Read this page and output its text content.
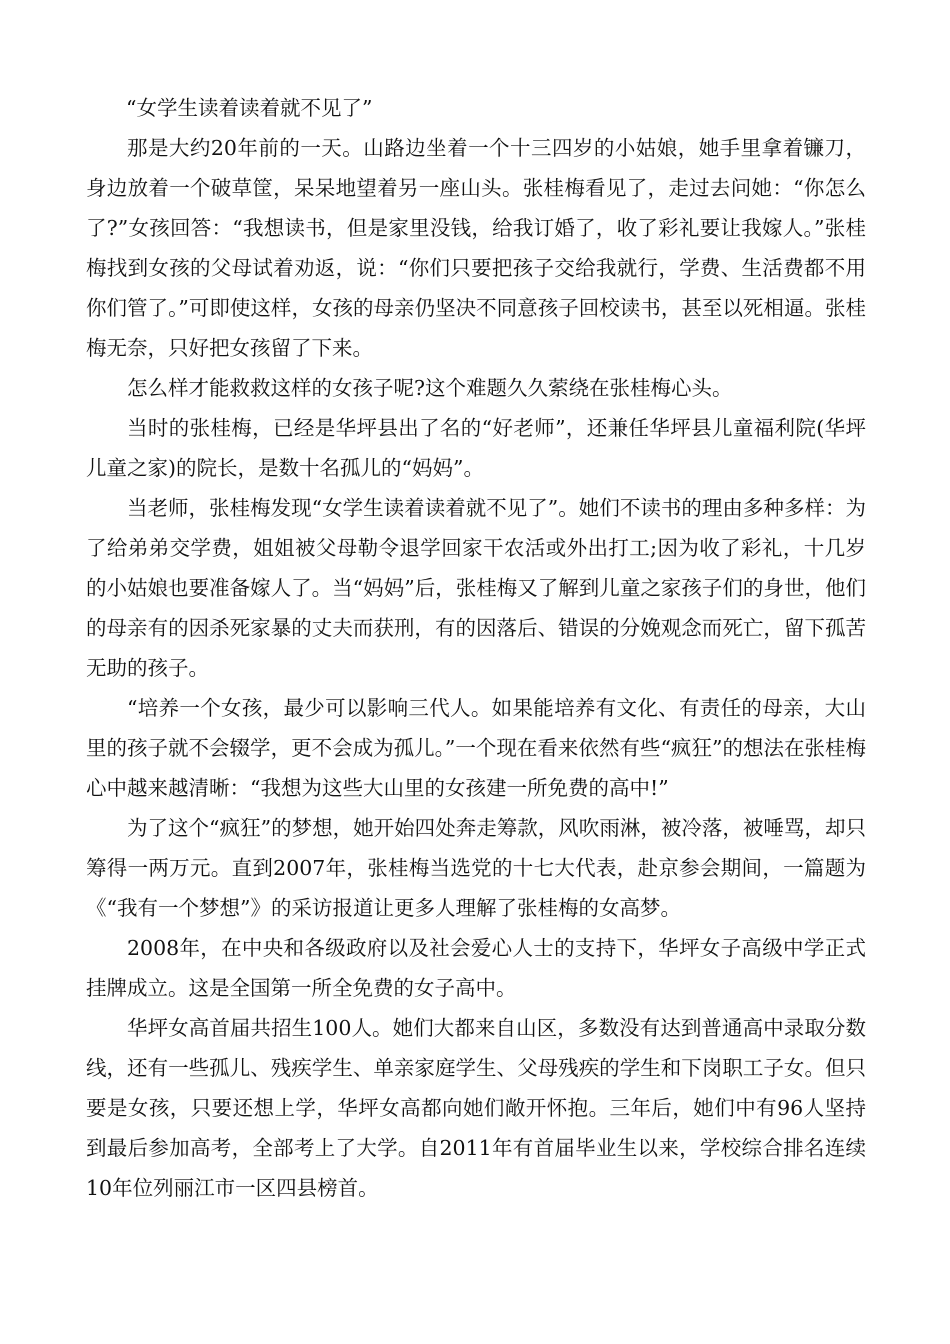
“女学生读着读着就不见了”

那是大约20年前的一天。山路边坐着一个十三四岁的小姑娘，她手里拿着镰刀，身边放着一个破草筐，呆呆地望着另一座山头。张桂梅看见了，走过去问她：“你怎么了?”女孩回答：“我想读书，但是家里没钱，给我订婚了，收了彩礼要让我嫁人。”张桂梅找到女孩的父母试着劝返，说：“你们只要把孩子交给我就行，学费、生活费都不用你们管了。”可即使这样，女孩的母亲仍坚决不同意孩子回校读书，甚至以死相逼。张桂梅无奈，只好把女孩留了下来。

怎么样才能救救这样的女孩子呢?这个难题久久萦绕在张桂梅心头。

当时的张桂梅，已经是华坪县出了名的“好老师”，还兼任华坪县儿童福利院(华坪儿童之家)的院长，是数十名孤儿的“妈妈”。

当老师，张桂梅发现“女学生读着读着就不见了”。她们不读书的理由多种多样：为了给弟弟交学费，姐姐被父母勒令退学回家干农活或外出打工;因为收了彩礼，十几岁的小姑娘也要准备嫁人了。当“妈妈”后，张桂梅又了解到儿童之家孩子们的身世，他们的母亲有的因杀死家暴的丈夫而获刑，有的因落后、错误的分娩观念而死亡，留下孤苦无助的孩子。

“培养一个女孩，最少可以影响三代人。如果能培养有文化、有责任的母亲，大山里的孩子就不会辍学，更不会成为孤儿。”一个现在看来依然有些“疯狂”的想法在张桂梅心中越来越清晰：“我想为这些大山里的女孩建一所免费的高中!”

为了这个“疯狂”的梦想，她开始四处奔走筹款，风吹雨淋，被冷落，被唾骂，却只筹得一两万元。直到2007年，张桂梅当选党的十七大代表，赴京参会期间，一篇题为《“我有一个梦想”》的采访报道让更多人理解了张桂梅的女高梦。

2008年，在中央和各级政府以及社会爱心人士的支持下，华坪女子高级中学正式挂牌成立。这是全国第一所全免费的女子高中。

华坪女高首届共招生100人。她们大都来自山区，多数没有达到普通高中录取分数线，还有一些孤儿、残疾学生、单亲家庭学生、父母残疾的学生和下岗职工子女。但只要是女孩，只要还想上学，华坪女高都向她们敞开怀抱。三年后，她们中有96人坚持到最后参加高考，全部考上了大学。自2011年有首届毕业生以来，学校综合排名连续10年位列丽江市一区四县榜首。
